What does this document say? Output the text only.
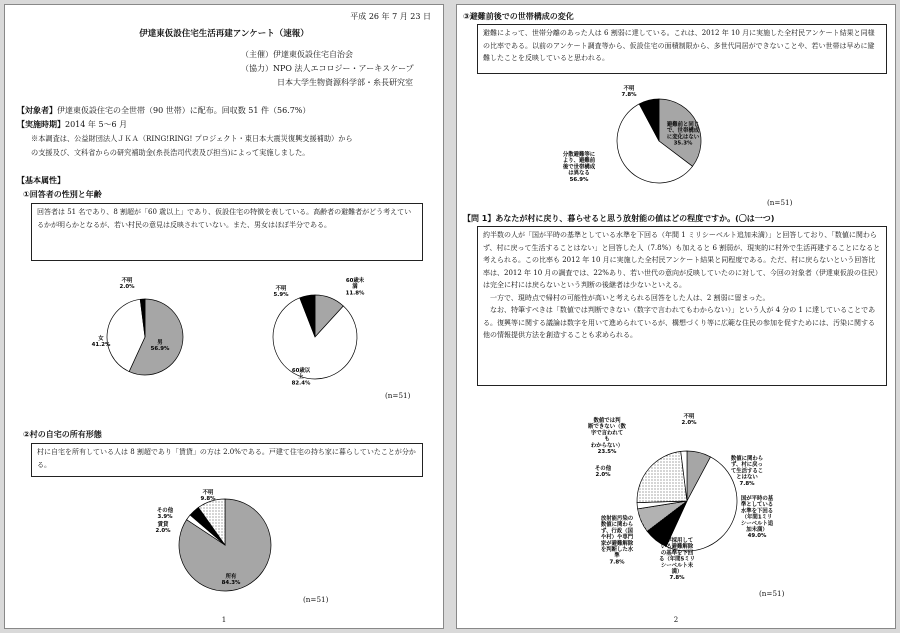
平成 26 年 7 月 23 日
伊達東仮設住宅生活再建アンケート（速報）
（主催）伊達東仮設住宅自治会
（協力）NPO 法人エコロジー・アーキスケープ
日本大学生物資源科学部・糸長研究室
【対象者】伊達東仮設住宅の全世帯（90 世帯）に配布。回収数 51 件（56.7%）
【実施時期】2014 年 5〜6 月
※本調査は、公益財団法人ＪＫＡ（RING!RING! プロジェクト・東日本大震災復興支援補助）から
の支援及び、文科省からの研究補助金(糸長浩司代表及び担当)によって実施しました。
【基本属性】
①回答者の性別と年齢

回答者は 51 名であり、8 割超が「60 歳以上」であり、仮設住宅の特徴を表している。高齢者の避難者がどう考えているかが明らかとなるが、若い村民の意見は反映されていない。また、男女はほぼ半分である。

男 56.9%
女 41.2%
不明 2.0%
60歳未満 11.8%
60歳以上 82.4%
不明 5.9%
(n=51)
②村の自宅の所有形態

村に自宅を所有している人は 8 割超であり「賃貸」の方は 2.0%である。戸建て住宅の持ち家に暮らしていたことが分かる。

所有 84.3%
賃貸 2.0%
その他 3.9%
不明 9.8%
(n=51)
1
③避難前後での世帯構成の変化

避難によって、世帯分離のあった人は 6 割弱に達している。これは、2012 年 10 月に実施した全村民アンケート結果と同様の比率である。以前のアンケート調査等から、仮設住宅の面積制限から、多世代同居ができないことや、若い世帯は早めに避難したことを反映していると思われる。

避難前と同じで、世帯構成に変化はない 35.3%
分散避難等により、避難前後で世帯構成は異なる 56.9%
不明 7.8%
(n=51)
【問 1】あなたが村に戻り、暮らせると思う放射能の値はどの程度ですか。(〇は一つ)

約半数の人が「国が平時の基準としている水準を下回る（年間 1 ミリシーベルト追加未満）」と回答しており、「数値に関わらず、村に戻って生活することはない」と回答した人（7.8%）も加えると 6 割弱が、現実的に村外で生活再建することになると考えられる。この比率も 2012 年 10 月に実施した全村民アンケート結果と同程度である。ただ、村に戻らないという回答比率は、2012 年 10 月の調査では、22%あり、若い世代の意向が反映していたのに対して、今回の対象者（伊達東仮設の住民）は完全に村には戻らないという判断の後継者は少ないといえる。

一方で、現時点で帰村の可能性が高いと考えられる回答をした人は、2 割弱に留まった。

なお、特筆すべきは「数値では判断できない（数字で言われてもわからない）」という人が 4 分の 1 に達していることである。復興等に関する議論は数字を用いて進められているが、構想づくり等に広範な住民の参加を促すためには、汚染に関する他の情報提供方法を創造することも求められる。

数値に関わらず、村に戻って生活することはない 7.8%
国が平時の基準としている水準を下回る（年間1ミリシーベルト追加未満） 49.0%
村が採用している避難解除の基準を下回る（年間5ミリシーベルト未満） 7.8%
放射能汚染の数値に関わらず、行政（国や村）や専門家が避難解除を判断した水準 7.8%
その他 2.0%
数値では判断できない（数字で言われてもわからない） 23.5%
不明 2.0%
(n=51)
2
